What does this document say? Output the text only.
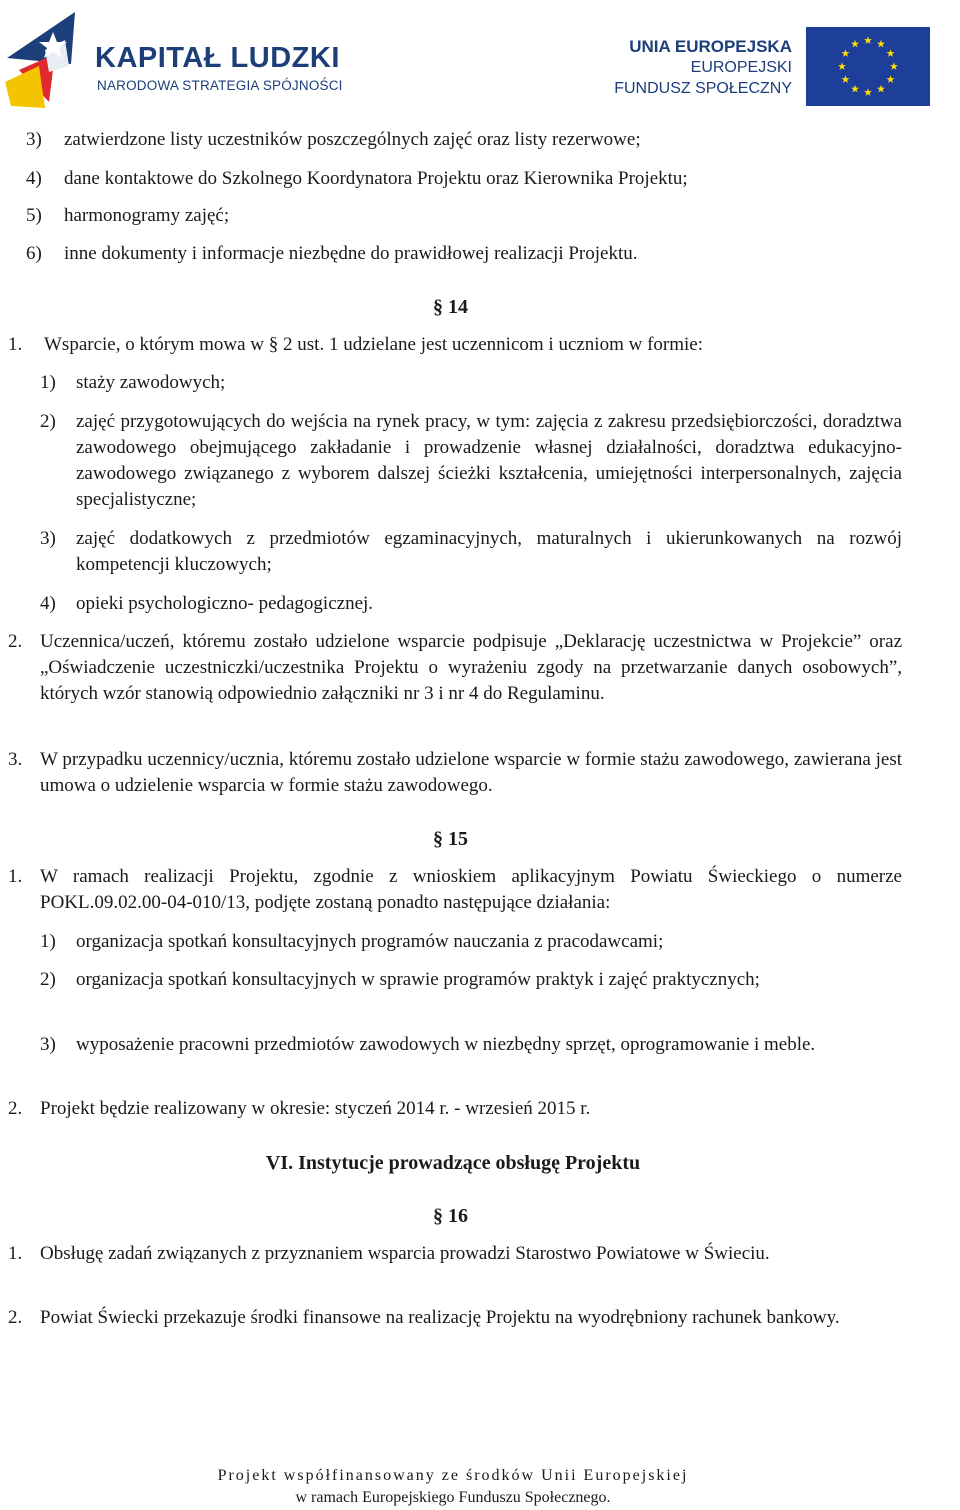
KAPITAŁ LUDZKI
NARODOWA STRATEGIA SPÓJNOŚCI
UNIA EUROPEJSKA
EUROPEJSKI
FUNDUSZ SPOŁECZNY
3) zatwierdzone listy uczestników poszczególnych zajęć oraz listy rezerwowe;
4) dane kontaktowe do Szkolnego Koordynatora Projektu oraz Kierownika Projektu;
5) harmonogramy zajęć;
6) inne dokumenty i informacje niezbędne do prawidłowej realizacji Projektu.
§ 14
1. Wsparcie, o którym mowa w § 2 ust. 1 udzielane jest uczennicom i uczniom w formie:
1) staży zawodowych;
2) zajęć przygotowujących do wejścia na rynek pracy, w tym: zajęcia z zakresu przedsiębiorczości, doradztwa zawodowego obejmującego zakładanie i prowadzenie własnej działalności, doradztwa edukacyjno- zawodowego związanego z wyborem dalszej ścieżki kształcenia, umiejętności interpersonalnych, zajęcia specjalistyczne;
3) zajęć dodatkowych z przedmiotów egzaminacyjnych, maturalnych i ukierunkowanych na rozwój kompetencji kluczowych;
4) opieki psychologiczno- pedagogicznej.
2. Uczennica/uczeń, któremu zostało udzielone wsparcie podpisuje „Deklarację uczestnictwa w Projekcie” oraz „Oświadczenie uczestniczki/uczestnika Projektu o wyrażeniu zgody na przetwarzanie danych osobowych”, których wzór stanowią odpowiednio załączniki nr 3 i nr 4 do Regulaminu.
3. W przypadku uczennicy/ucznia, któremu zostało udzielone wsparcie w formie stażu zawodowego, zawierana jest umowa o udzielenie wsparcia w formie stażu zawodowego.
§ 15
1. W ramach realizacji Projektu, zgodnie z wnioskiem aplikacyjnym Powiatu Świeckiego o numerze POKL.09.02.00-04-010/13, podjęte zostaną ponadto następujące działania:
1) organizacja spotkań konsultacyjnych programów nauczania z pracodawcami;
2) organizacja spotkań konsultacyjnych w sprawie programów praktyk i zajęć praktycznych;
3) wyposażenie pracowni przedmiotów zawodowych w niezbędny sprzęt, oprogramowanie i meble.
2. Projekt będzie realizowany w okresie: styczeń 2014 r. - wrzesień 2015 r.
VI. Instytucje prowadzące obsługę Projektu
§ 16
1. Obsługę zadań związanych z przyznaniem wsparcia prowadzi Starostwo Powiatowe w Świeciu.
2. Powiat Świecki przekazuje środki finansowe na realizację Projektu na wyodrębniony rachunek bankowy.
Projekt współfinansowany ze środków Unii Europejskiej
w ramach Europejskiego Funduszu Społecznego.
